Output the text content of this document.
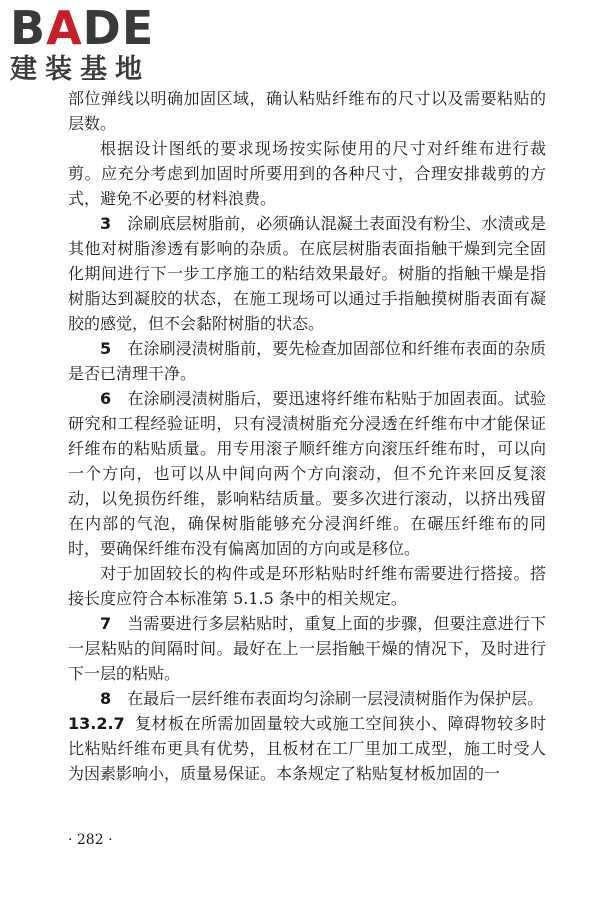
BADE
建装基地

部位弹线以明确加固区域，确认粘贴纤维布的尺寸以及需要粘贴的层数。

根据设计图纸的要求现场按实际使用的尺寸对纤维布进行裁剪。应充分考虑到加固时所要用到的各种尺寸，合理安排裁剪的方式，避免不必要的材料浪费。

3　 涂刷底层树脂前，必须确认混凝土表面没有粉尘、水渍或是其他对树脂渗透有影响的杂质。在底层树脂表面指触干燥到完全固化期间进行下一步工序施工的粘结效果最好。树脂的指触干燥是指树脂达到凝胶的状态，在施工现场可以通过手指触摸树脂表面有凝胶的感觉，但不会黏附树脂的状态。

5　 在涂刷浸渍树脂前，要先检查加固部位和纤维布表面的杂质是否已清理干净。

6　 在涂刷浸渍树脂后，要迅速将纤维布粘贴于加固表面。试验研究和工程经验证明，只有浸渍树脂充分浸透在纤维布中才能保证纤维布的粘贴质量。用专用滚子顺纤维方向滚压纤维布时，可以向一个方向，也可以从中间向两个方向滚动，但不允许来回反复滚动，以免损伤纤维，影响粘结质量。要多次进行滚动，以挤出残留在内部的气泡，确保树脂能够充分浸润纤维。在碾压纤维布的同时，要确保纤维布没有偏离加固的方向或是移位。

对于加固较长的构件或是环形粘贴时纤维布需要进行搭接。搭接长度应符合本标准第 5.1.5 条中的相关规定。

7　 当需要进行多层粘贴时，重复上面的步骤，但要注意进行下一层粘贴的间隔时间。最好在上一层指触干燥的情况下，及时进行下一层的粘贴。

8　 在最后一层纤维布表面均匀涂刷一层浸渍树脂作为保护层。

13.2.7 复材板在所需加固量较大或施工空间狭小、障碍物较多时比粘贴纤维布更具有优势，且板材在工厂里加工成型，施工时受人为因素影响小，质量易保证。本条规定了粘贴复材板加固的一

· 282 ·
